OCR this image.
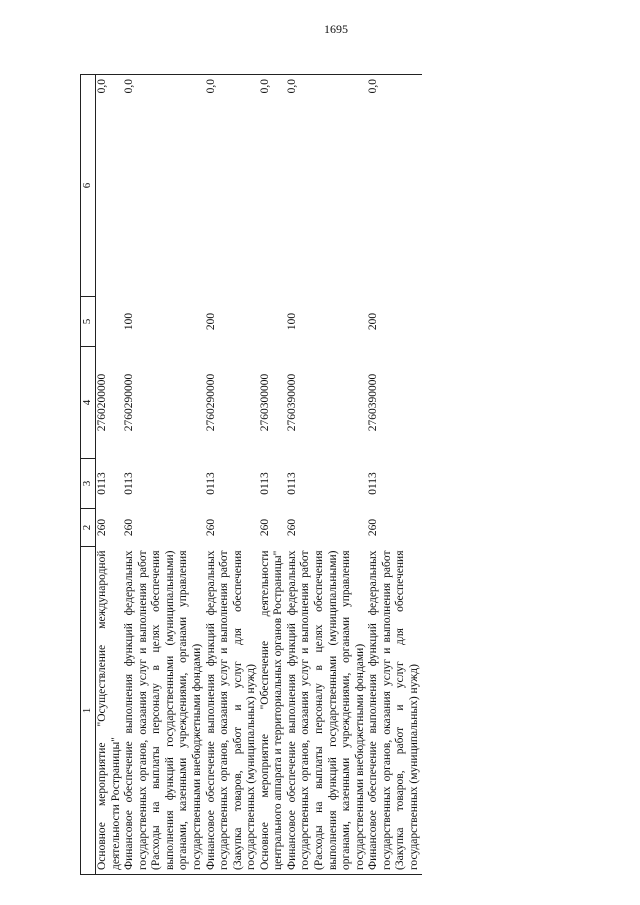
1695
1	2	3	4	5	6
Основное мероприятие "Осуществление международной деятельности Ространицы"	260	0113	2760200000		0,0
Финансовое обеспечение выполнения функций федеральных государственных органов, оказания услуг и выполнения работ (Расходы на выплаты персоналу в целях обеспечения выполнения функций государственными (муниципальными) органами, казенными учреждениями, органами управления государственными внебюджетными фондами)	260	0113	2760290000	100	0,0
Финансовое обеспечение выполнения функций федеральных государственных органов, оказания услуг и выполнения работ (Закупка товаров, работ и услуг для обеспечения государственных (муниципальных) нужд)	260	0113	2760290000	200	0,0
Основное мероприятие "Обеспечение деятельности центрального аппарата и территориальных органов Ространицы"	260	0113	2760300000		0,0
Финансовое обеспечение выполнения функций федеральных государственных органов, оказания услуг и выполнения работ (Расходы на выплаты персоналу в целях обеспечения выполнения функций государственными (муниципальными) органами, казенными учреждениями, органами управления государственными внебюджетными фондами)	260	0113	2760390000	100	0,0
Финансовое обеспечение выполнения функций федеральных государственных органов, оказания услуг и выполнения работ (Закупка товаров, работ и услуг для обеспечения государственных (муниципальных) нужд)	260	0113	2760390000	200	0,0
